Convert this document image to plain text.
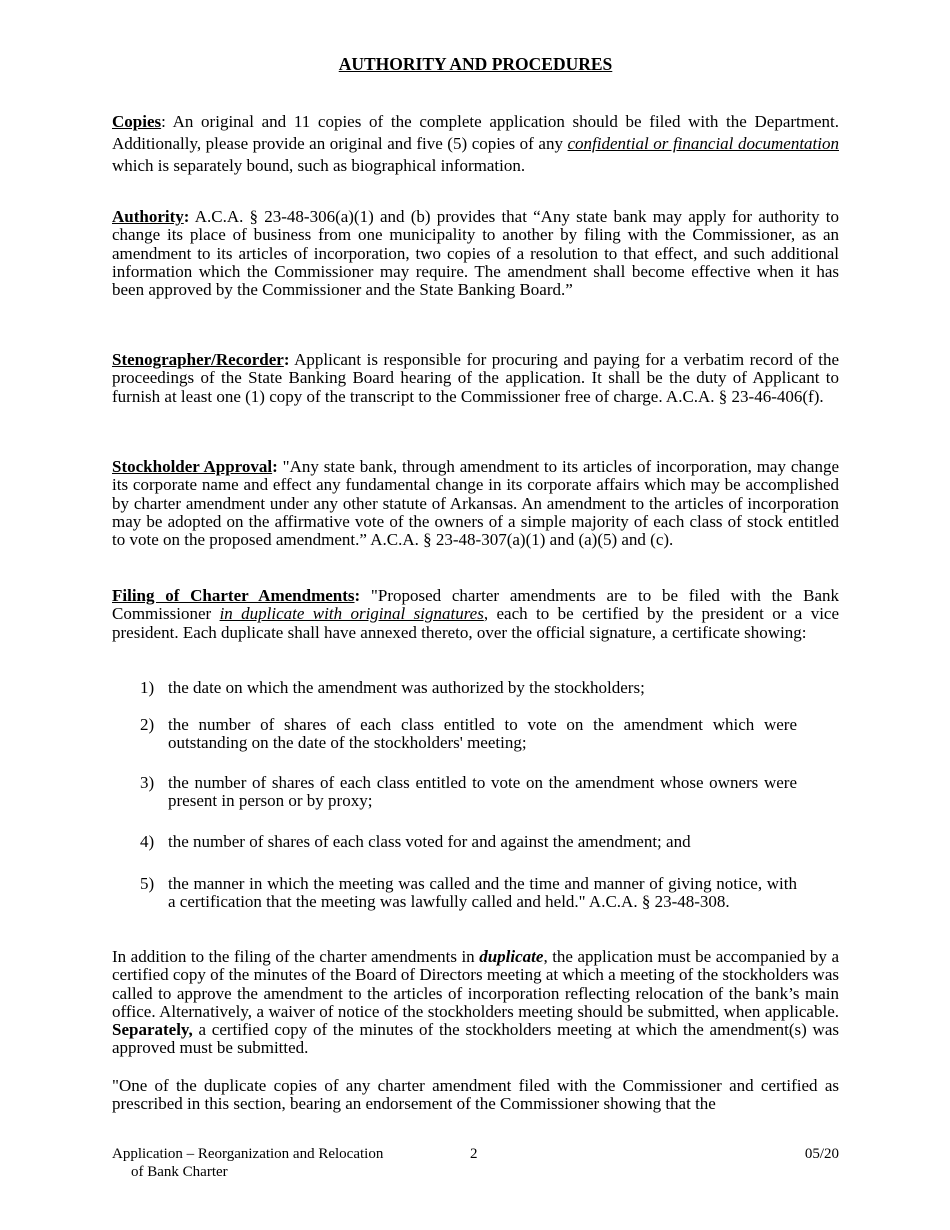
AUTHORITY AND PROCEDURES

Copies: An original and 11 copies of the complete application should be filed with the Department. Additionally, please provide an original and five (5) copies of any confidential or financial documentation which is separately bound, such as biographical information.

Authority: A.C.A. § 23-48-306(a)(1) and (b) provides that “Any state bank may apply for authority to change its place of business from one municipality to another by filing with the Commissioner, as an amendment to its articles of incorporation, two copies of a resolution to that effect, and such additional information which the Commissioner may require. The amendment shall become effective when it has been approved by the Commissioner and the State Banking Board.”

Stenographer/Recorder: Applicant is responsible for procuring and paying for a verbatim record of the proceedings of the State Banking Board hearing of the application. It shall be the duty of Applicant to furnish at least one (1) copy of the transcript to the Commissioner free of charge. A.C.A. § 23-46-406(f).

Stockholder Approval: "Any state bank, through amendment to its articles of incorporation, may change its corporate name and effect any fundamental change in its corporate affairs which may be accomplished by charter amendment under any other statute of Arkansas. An amendment to the articles of incorporation may be adopted on the affirmative vote of the owners of a simple majority of each class of stock entitled to vote on the proposed amendment.” A.C.A. § 23-48-307(a)(1) and (a)(5) and (c).

Filing of Charter Amendments: "Proposed charter amendments are to be filed with the Bank Commissioner in duplicate with original signatures, each to be certified by the president or a vice president. Each duplicate shall have annexed thereto, over the official signature, a certificate showing:

1) the date on which the amendment was authorized by the stockholders;
2) the number of shares of each class entitled to vote on the amendment which were outstanding on the date of the stockholders' meeting;
3) the number of shares of each class entitled to vote on the amendment whose owners were present in person or by proxy;
4) the number of shares of each class voted for and against the amendment; and
5) the manner in which the meeting was called and the time and manner of giving notice, with a certification that the meeting was lawfully called and held." A.C.A. § 23-48-308.

In addition to the filing of the charter amendments in duplicate, the application must be accompanied by a certified copy of the minutes of the Board of Directors meeting at which a meeting of the stockholders was called to approve the amendment to the articles of incorporation reflecting relocation of the bank’s main office. Alternatively, a waiver of notice of the stockholders meeting should be submitted, when applicable. Separately, a certified copy of the minutes of the stockholders meeting at which the amendment(s) was approved must be submitted.

"One of the duplicate copies of any charter amendment filed with the Commissioner and certified as prescribed in this section, bearing an endorsement of the Commissioner showing that the

Application – Reorganization and Relocation
of Bank Charter
2	05/20
